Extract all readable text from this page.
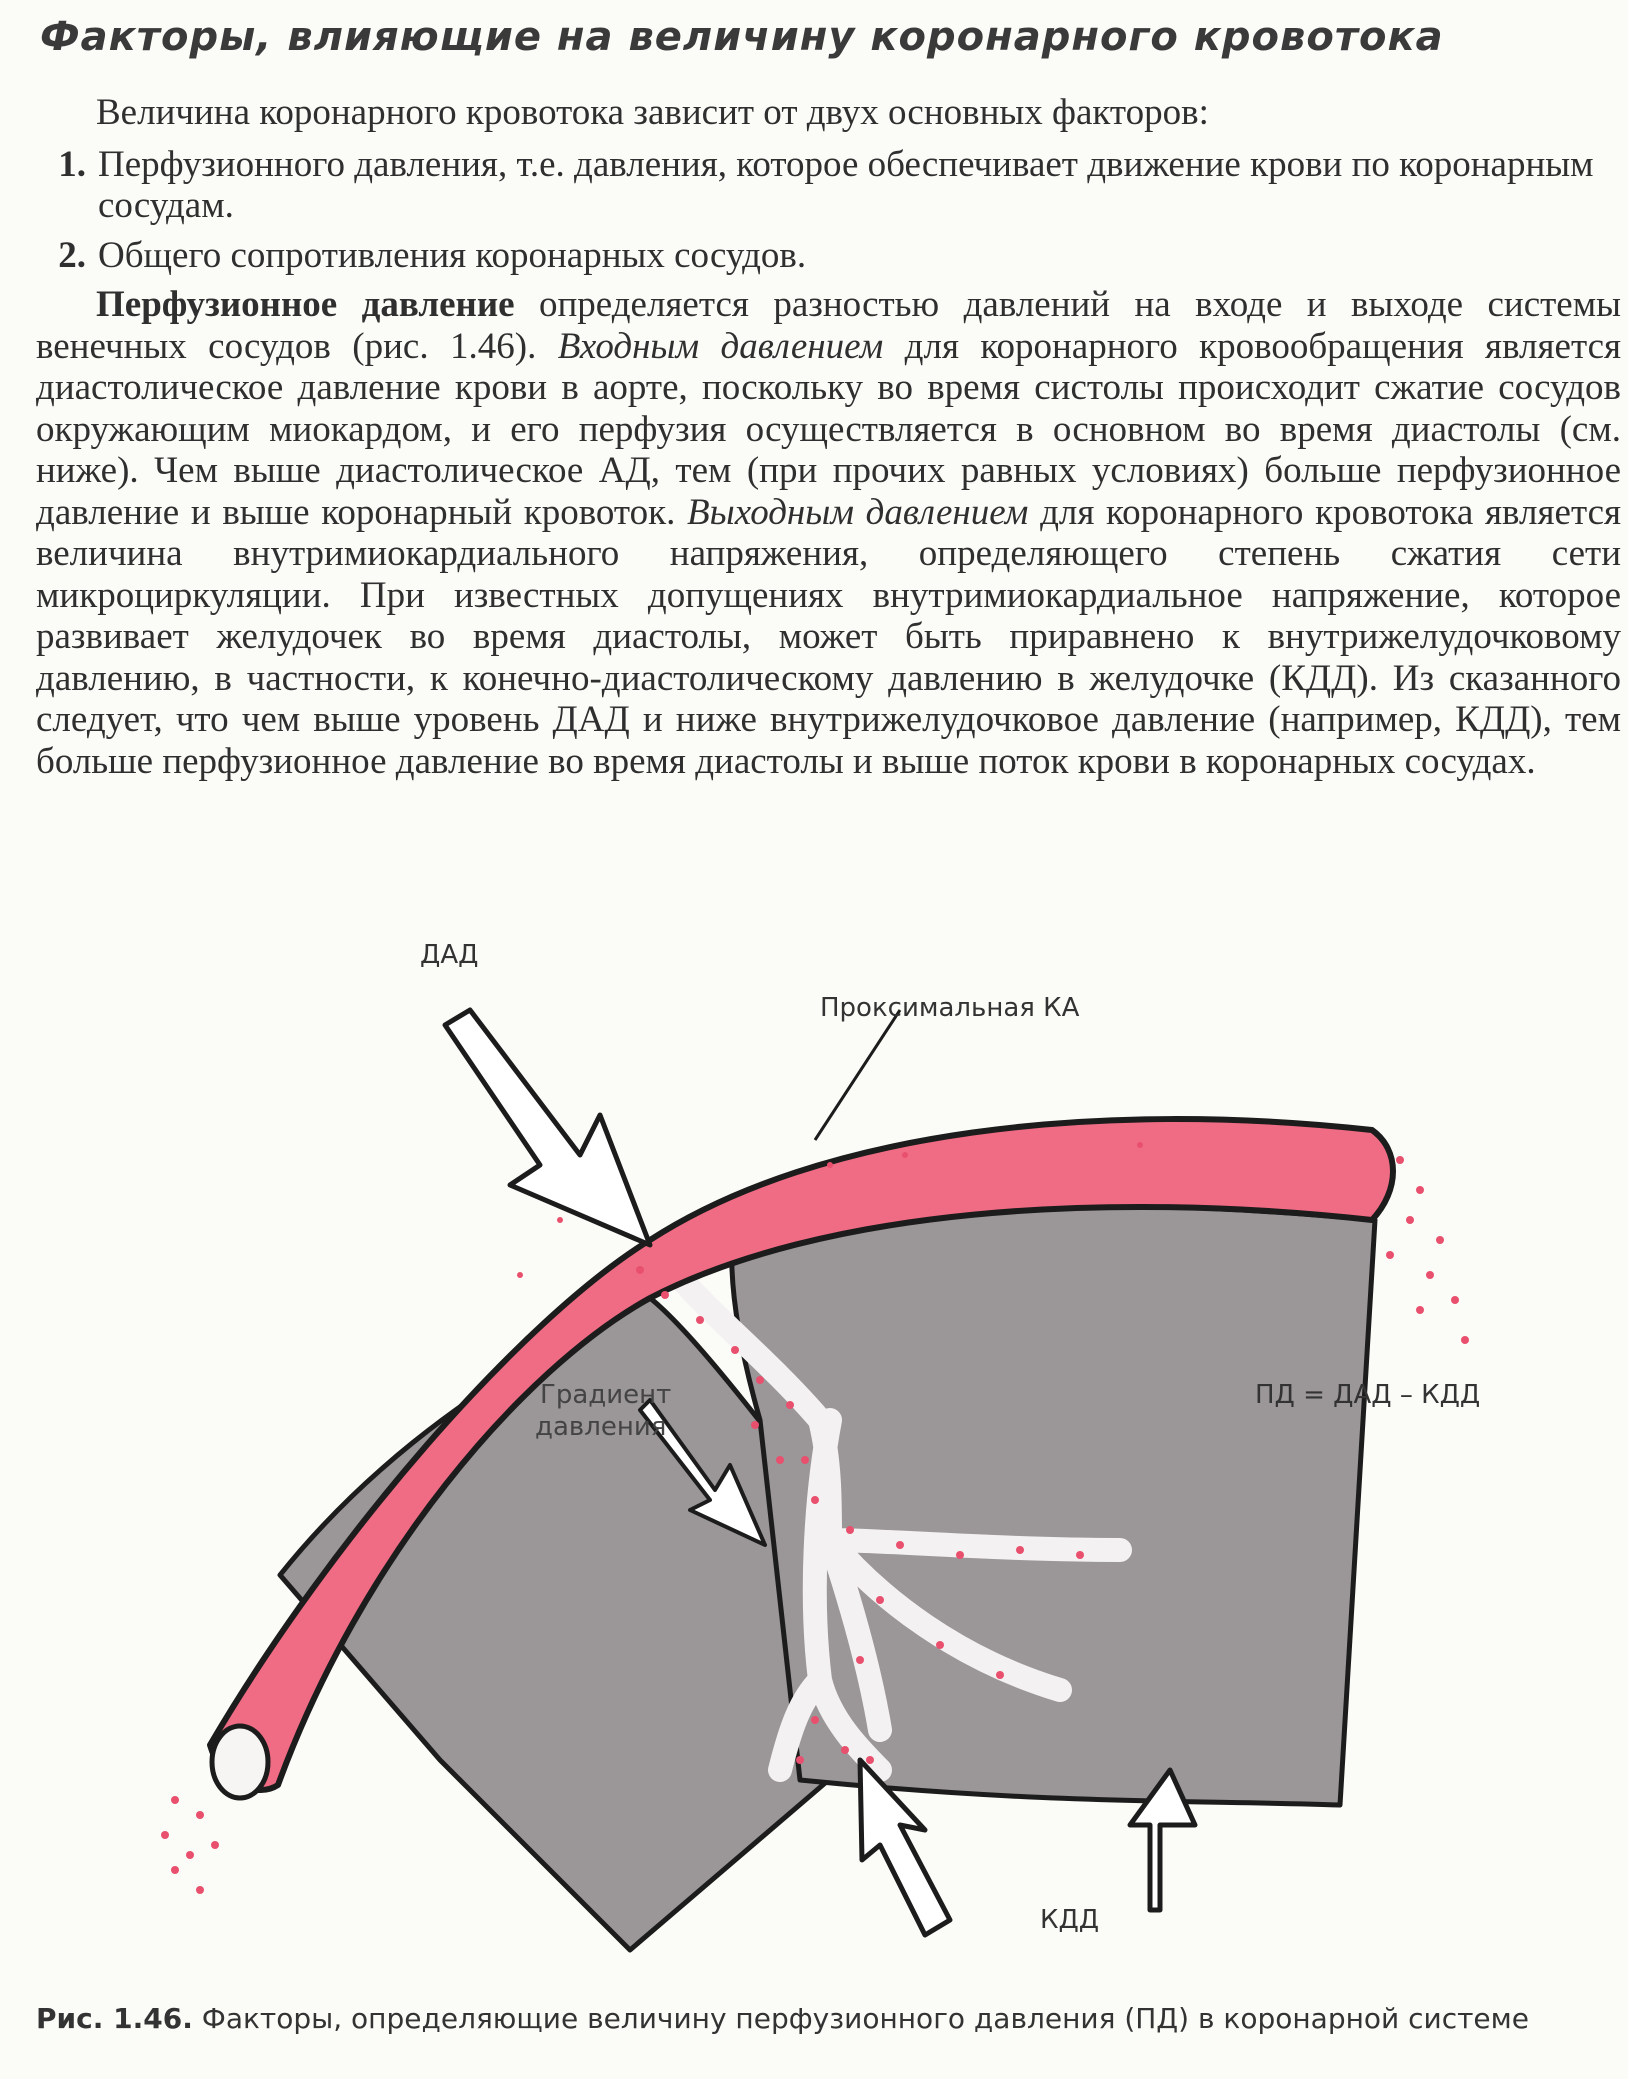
Факторы, влияющие на величину коронарного кровотока

Величина коронарного кровотока зависит от двух основных факторов:

1. Перфузионного давления, т.е. давления, которое обеспечивает движение крови по коронарным сосудам.
2. Общего сопротивления коронарных сосудов.

Перфузионное давление определяется разностью давлений на входе и выходе системы венечных сосудов (рис. 1.46). Входным давлением для коронарного кровообращения является диастолическое давление крови в аорте, поскольку во время систолы происходит сжатие сосудов окружающим миокардом, и его перфузия осуществляется в основном во время диастолы (см. ниже). Чем выше диастолическое АД, тем (при прочих равных условиях) больше перфузионное давление и выше коронарный кровоток. Выходным давлением для коронарного кровотока является величина внутримиокардиального напряжения, определяющего степень сжатия сети микроциркуляции. При известных допущениях внутримиокардиальное напряжение, которое развивает желудочек во время диастолы, может быть приравнено к внутрижелудочковому давлению, в частности, к конечно-диастолическому давлению в желудочке (КДД). Из сказанного следует, что чем выше уровень ДАД и ниже внутрижелудочковое давление (например, КДД), тем больше перфузионное давление во время диастолы и выше поток крови в коронарных сосудах.

ДАД
Проксимальная КА
Градиент
давления
ПД = ДАД – КДД
КДД
Рис. 1.46. Факторы, определяющие величину перфузионного давления (ПД) в коронарной системе
